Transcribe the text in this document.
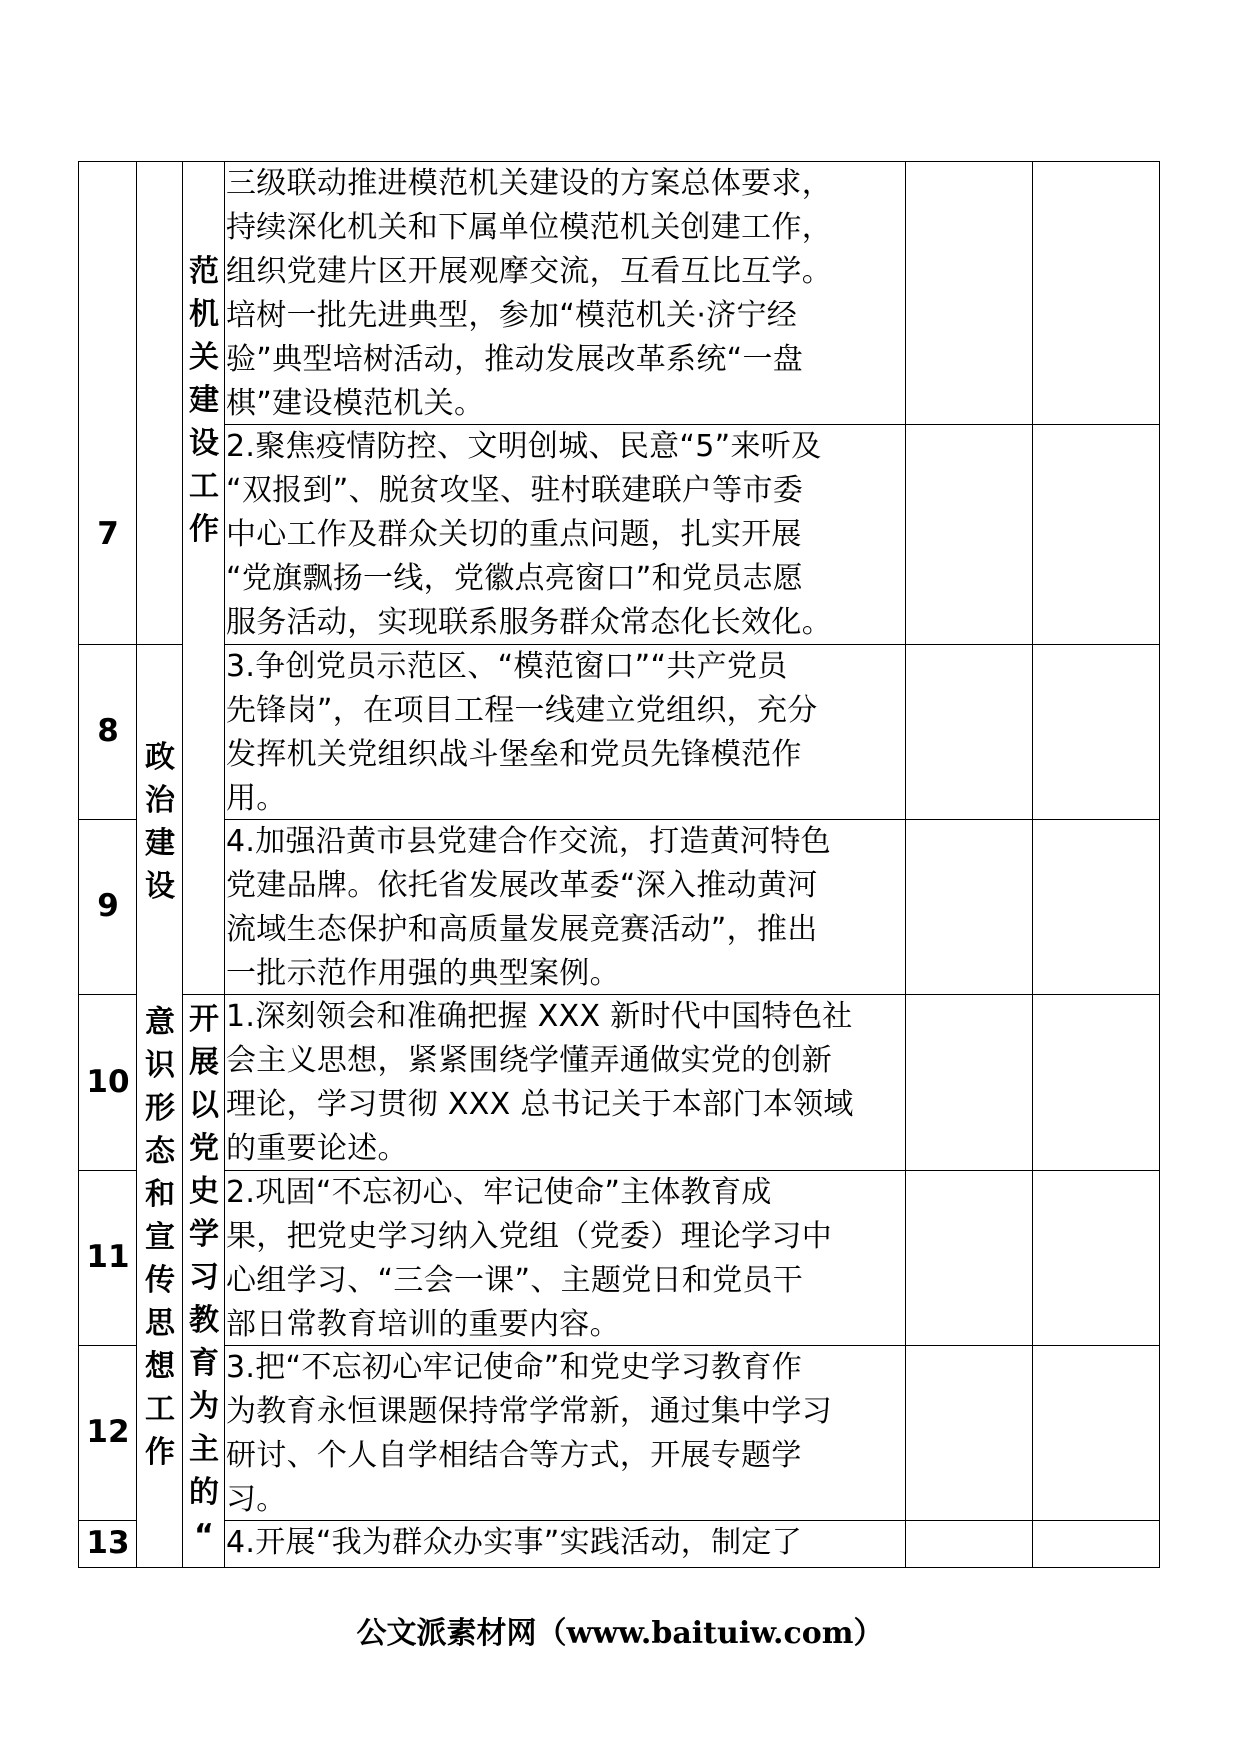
7
8
9
10
11
12
13
政
治
建
设
意
识
形
态
和
宣
传
思
想
工
作
范
机
关
建
设
工
作
开
展
以
党
史
学
习
教
育
为
主
的
“
三级联动推进模范机关建设的方案总体要求，
持续深化机关和下属单位模范机关创建工作，
组织党建片区开展观摩交流，互看互比互学。
培树一批先进典型，参加“模范机关·济宁经
验”典型培树活动，推动发展改革系统“一盘
棋”建设模范机关。
2.聚焦疫情防控、文明创城、民意“5”来听及
“双报到”、脱贫攻坚、驻村联建联户等市委
中心工作及群众关切的重点问题，扎实开展
“党旗飘扬一线，党徽点亮窗口”和党员志愿
服务活动，实现联系服务群众常态化长效化。
3.争创党员示范区、“模范窗口”“共产党员
先锋岗”，在项目工程一线建立党组织，充分
发挥机关党组织战斗堡垒和党员先锋模范作
用。
4.加强沿黄市县党建合作交流，打造黄河特色
党建品牌。依托省发展改革委“深入推动黄河
流域生态保护和高质量发展竞赛活动”，推出
一批示范作用强的典型案例。
1.深刻领会和准确把握 XXX 新时代中国特色社
会主义思想，紧紧围绕学懂弄通做实党的创新
理论，学习贯彻 XXX 总书记关于本部门本领域
的重要论述。
2.巩固“不忘初心、牢记使命”主体教育成
果，把党史学习纳入党组（党委）理论学习中
心组学习、“三会一课”、主题党日和党员干
部日常教育培训的重要内容。
3.把“不忘初心牢记使命”和党史学习教育作
为教育永恒课题保持常学常新，通过集中学习
研讨、个人自学相结合等方式，开展专题学
习。
4.开展“我为群众办实事”实践活动，制定了
公文派素材网（www.baituiw.com）
